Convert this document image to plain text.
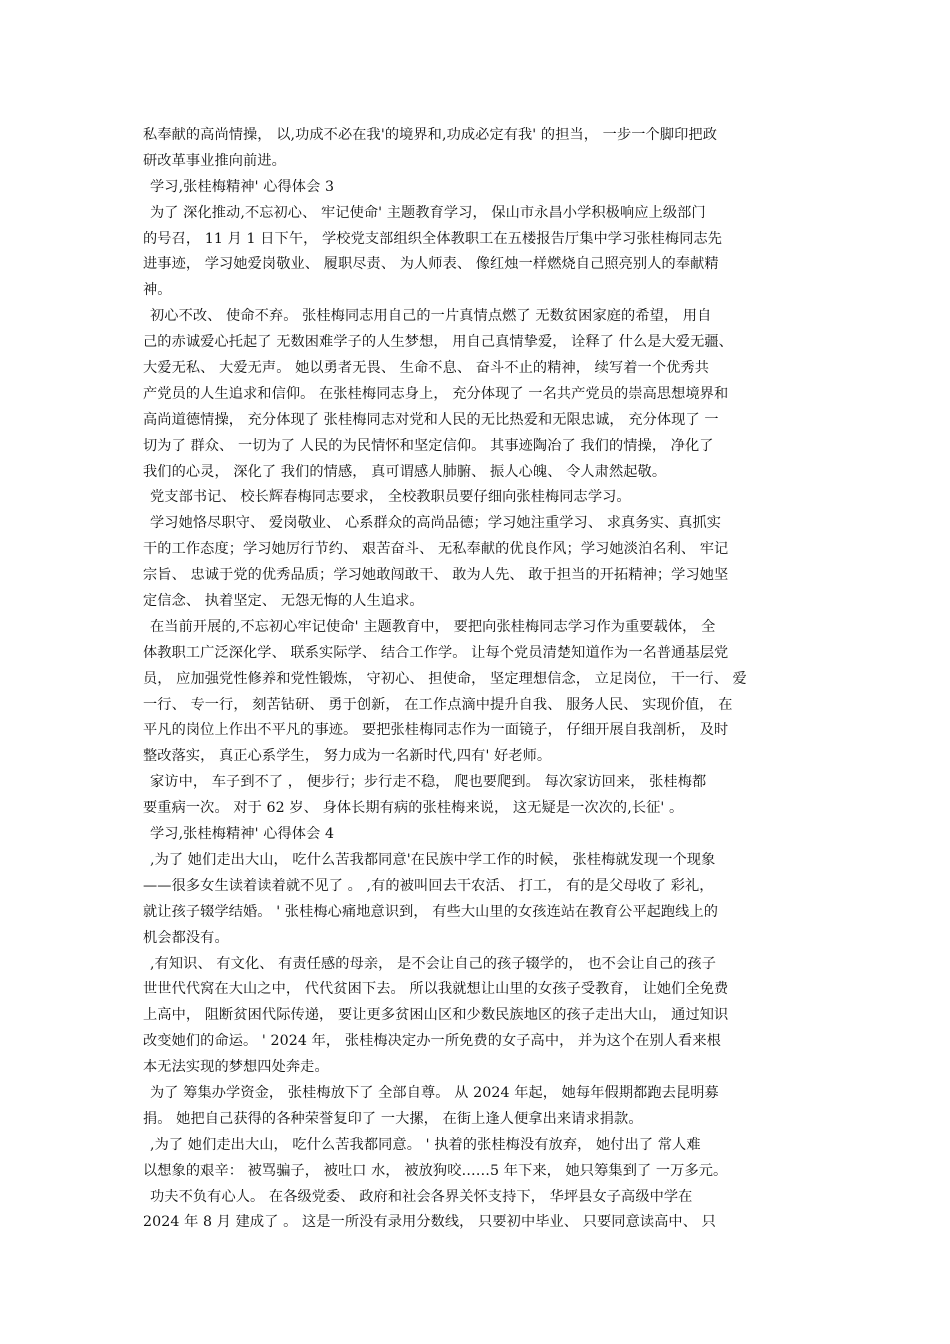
私奉献的高尚情操， 以,功成不必在我'的境界和,功成必定有我' 的担当， 一步一个脚印把政
研改革事业推向前进。
学习,张桂梅精神' 心得体会 3
为了 深化推动,不忘初心、 牢记使命' 主题教育学习， 保山市永昌小学积极响应上级部门
的号召， 11 月 1 日下午， 学校党支部组织全体教职工在五楼报告厅集中学习张桂梅同志先
进事迹， 学习她爱岗敬业、 履职尽责、 为人师表、 像红烛一样燃烧自己照亮别人的奉献精
神。
初心不改、 使命不弃。 张桂梅同志用自己的一片真情点燃了 无数贫困家庭的希望， 用自
己的赤诚爱心托起了 无数困难学子的人生梦想， 用自己真情挚爱， 诠释了 什么是大爱无疆、
大爱无私、 大爱无声。 她以勇者无畏、 生命不息、 奋斗不止的精神， 续写着一个优秀共
产党员的人生追求和信仰。 在张桂梅同志身上， 充分体现了 一名共产党员的崇高思想境界和
高尚道德情操， 充分体现了 张桂梅同志对党和人民的无比热爱和无限忠诚， 充分体现了 一
切为了 群众、 一切为了 人民的为民情怀和坚定信仰。 其事迹陶冶了 我们的情操， 净化了
我们的心灵， 深化了 我们的情感， 真可谓感人肺腑、 振人心魄、 令人肃然起敬。
党支部书记、 校长辉春梅同志要求， 全校教职员要仔细向张桂梅同志学习。
学习她恪尽职守、 爱岗敬业、 心系群众的高尚品德；学习她注重学习、 求真务实、真抓实
干的工作态度；学习她厉行节约、 艰苦奋斗、 无私奉献的优良作风；学习她淡泊名利、 牢记
宗旨、 忠诚于党的优秀品质；学习她敢闯敢干、 敢为人先、 敢于担当的开拓精神；学习她坚
定信念、 执着坚定、 无怨无悔的人生追求。
在当前开展的,不忘初心牢记使命' 主题教育中， 要把向张桂梅同志学习作为重要载体， 全
体教职工广泛深化学、 联系实际学、 结合工作学。 让每个党员清楚知道作为一名普通基层党
员， 应加强党性修养和党性锻炼， 守初心、 担使命， 坚定理想信念， 立足岗位， 干一行、 爱
一行、 专一行， 刻苦钻研、 勇于创新， 在工作点滴中提升自我、 服务人民、 实现价值， 在
平凡的岗位上作出不平凡的事迹。 要把张桂梅同志作为一面镜子， 仔细开展自我剖析， 及时
整改落实， 真正心系学生， 努力成为一名新时代,四有' 好老师。
家访中， 车子到不了 ， 便步行；步行走不稳， 爬也要爬到。 每次家访回来， 张桂梅都
要重病一次。 对于 62 岁、 身体长期有病的张桂梅来说， 这无疑是一次次的,长征' 。
学习,张桂梅精神' 心得体会 4
,为了 她们走出大山， 吃什么苦我都同意'在民族中学工作的时候， 张桂梅就发现一个现象
——很多女生读着读着就不见了 。 ,有的被叫回去干农活、 打工， 有的是父母收了 彩礼，
就让孩子辍学结婚。 ' 张桂梅心痛地意识到， 有些大山里的女孩连站在教育公平起跑线上的
机会都没有。
,有知识、 有文化、 有责任感的母亲， 是不会让自己的孩子辍学的， 也不会让自己的孩子
世世代代窝在大山之中， 代代贫困下去。 所以我就想让山里的女孩子受教育， 让她们全免费
上高中， 阻断贫困代际传递， 要让更多贫困山区和少数民族地区的孩子走出大山， 通过知识
改变她们的命运。 ' 2024 年， 张桂梅决定办一所免费的女子高中， 并为这个在别人看来根
本无法实现的梦想四处奔走。
为了 筹集办学资金， 张桂梅放下了 全部自尊。 从 2024 年起， 她每年假期都跑去昆明募
捐。 她把自己获得的各种荣誉复印了 一大摞， 在街上逢人便拿出来请求捐款。
,为了 她们走出大山， 吃什么苦我都同意。 ' 执着的张桂梅没有放弃， 她付出了 常人难
以想象的艰辛： 被骂骗子， 被吐口 水， 被放狗咬……5 年下来， 她只筹集到了 一万多元。
功夫不负有心人。 在各级党委、 政府和社会各界关怀支持下， 华坪县女子高级中学在
2024 年 8 月 建成了 。 这是一所没有录用分数线， 只要初中毕业、 只要同意读高中、 只
